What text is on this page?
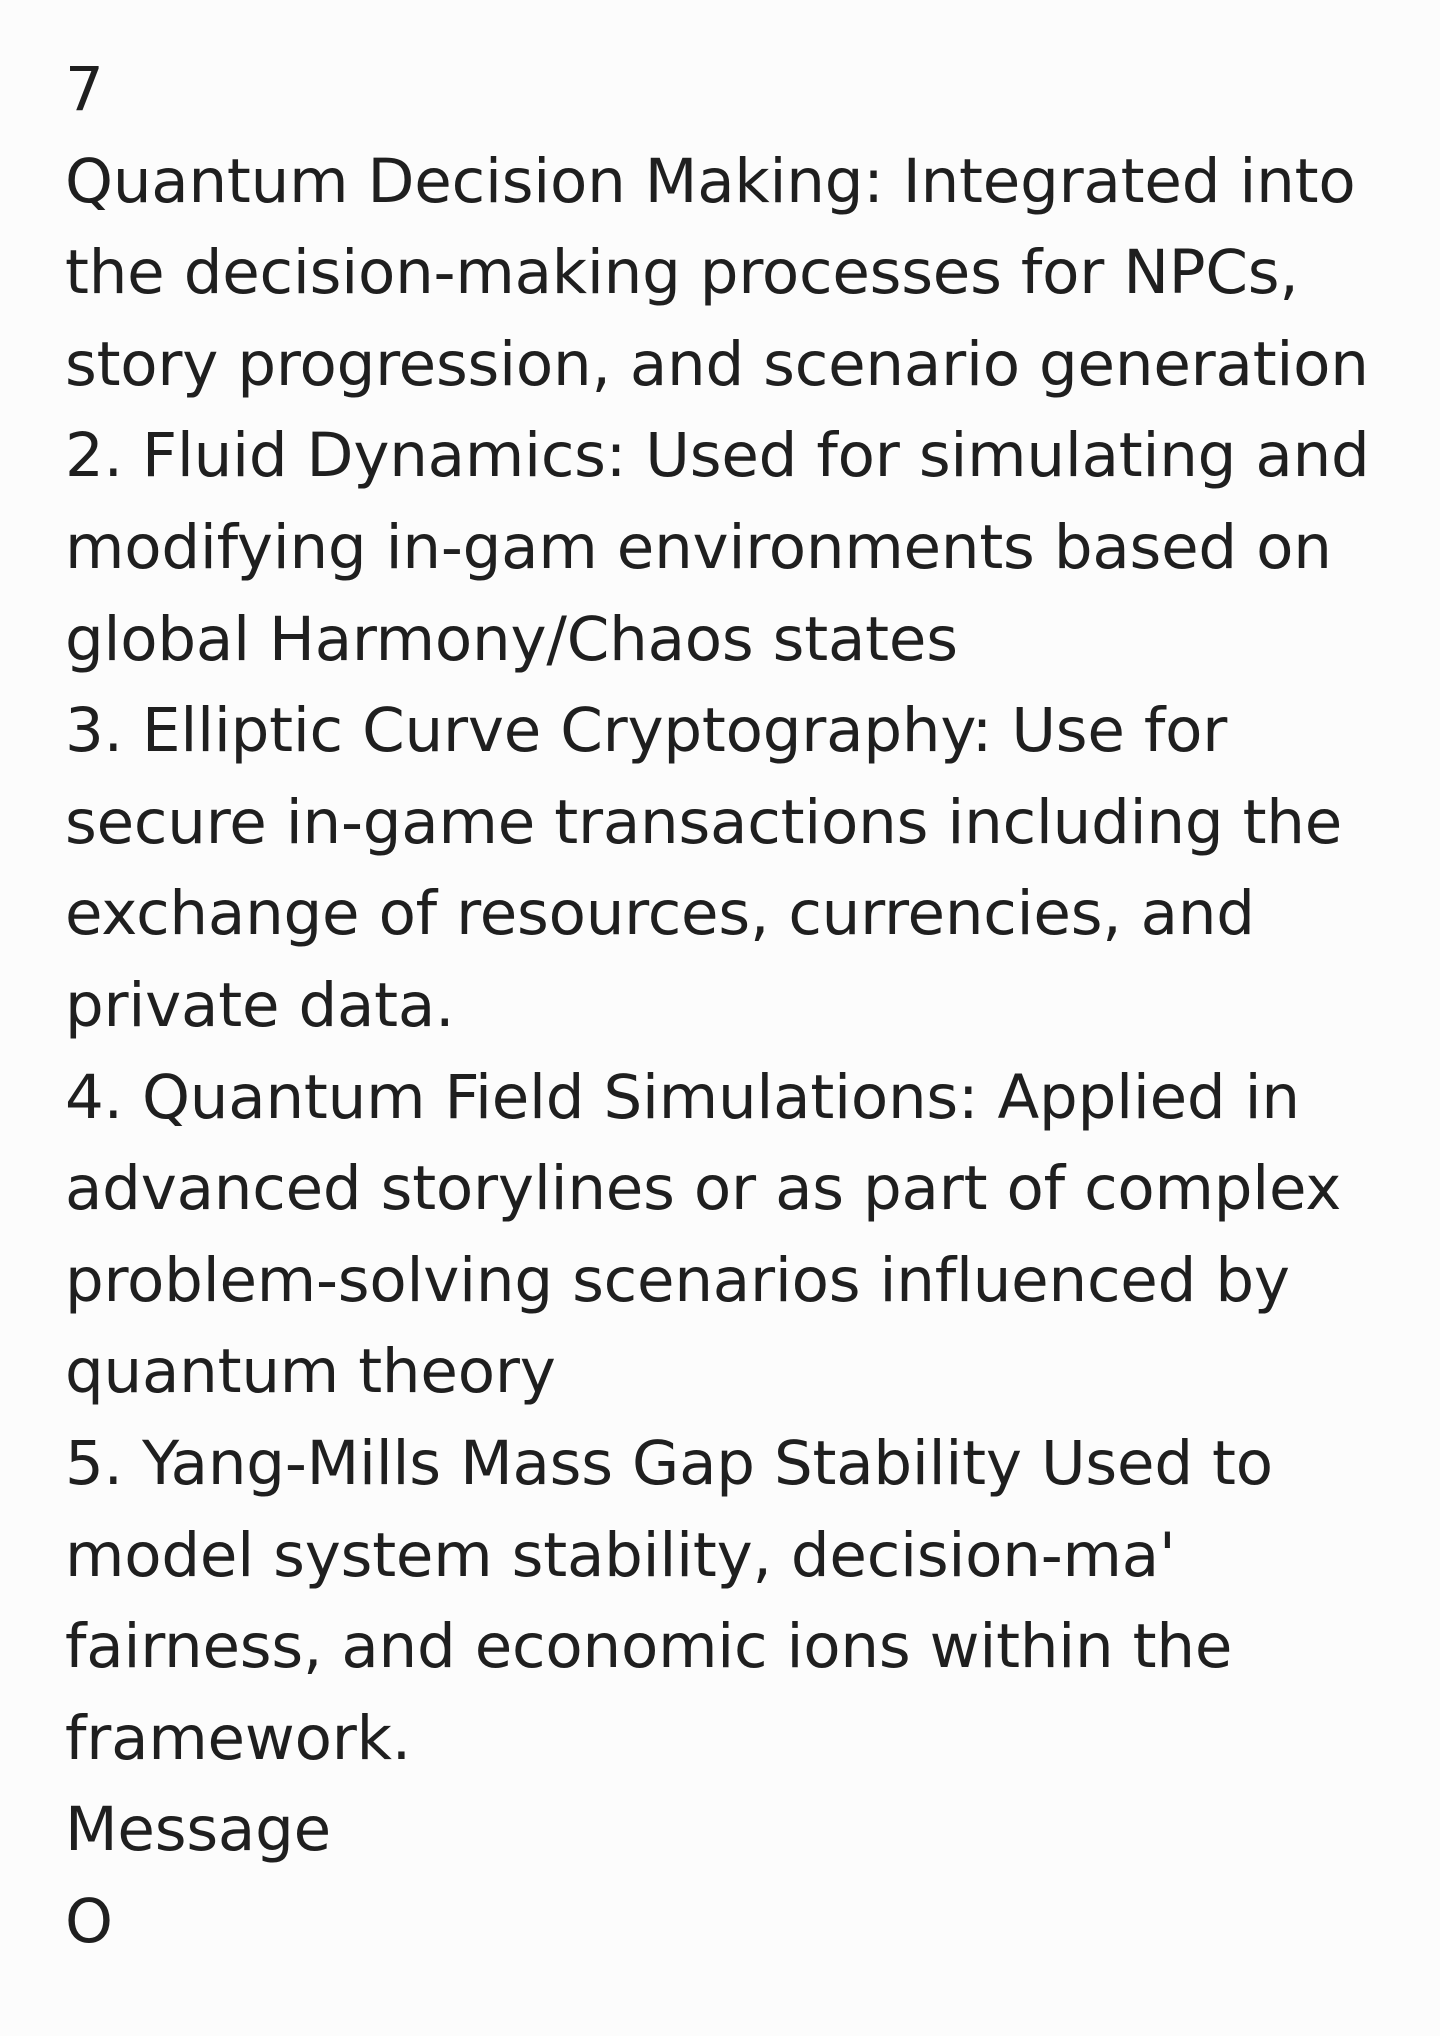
7
Quantum Decision Making: Integrated into
the decision-making processes for NPCs,
story progression, and scenario generation
2. Fluid Dynamics: Used for simulating and
modifying in-gam environments based on
global Harmony/Chaos states
3. Elliptic Curve Cryptography: Use for
secure in-game transactions including the
exchange of resources, currencies, and
private data.
4. Quantum Field Simulations: Applied in
advanced storylines or as part of complex
problem-solving scenarios influenced by
quantum theory
5. Yang-Mills Mass Gap Stability Used to
model system stability, decision-ma'
fairness, and economic ions within the
framework.
Message
O
